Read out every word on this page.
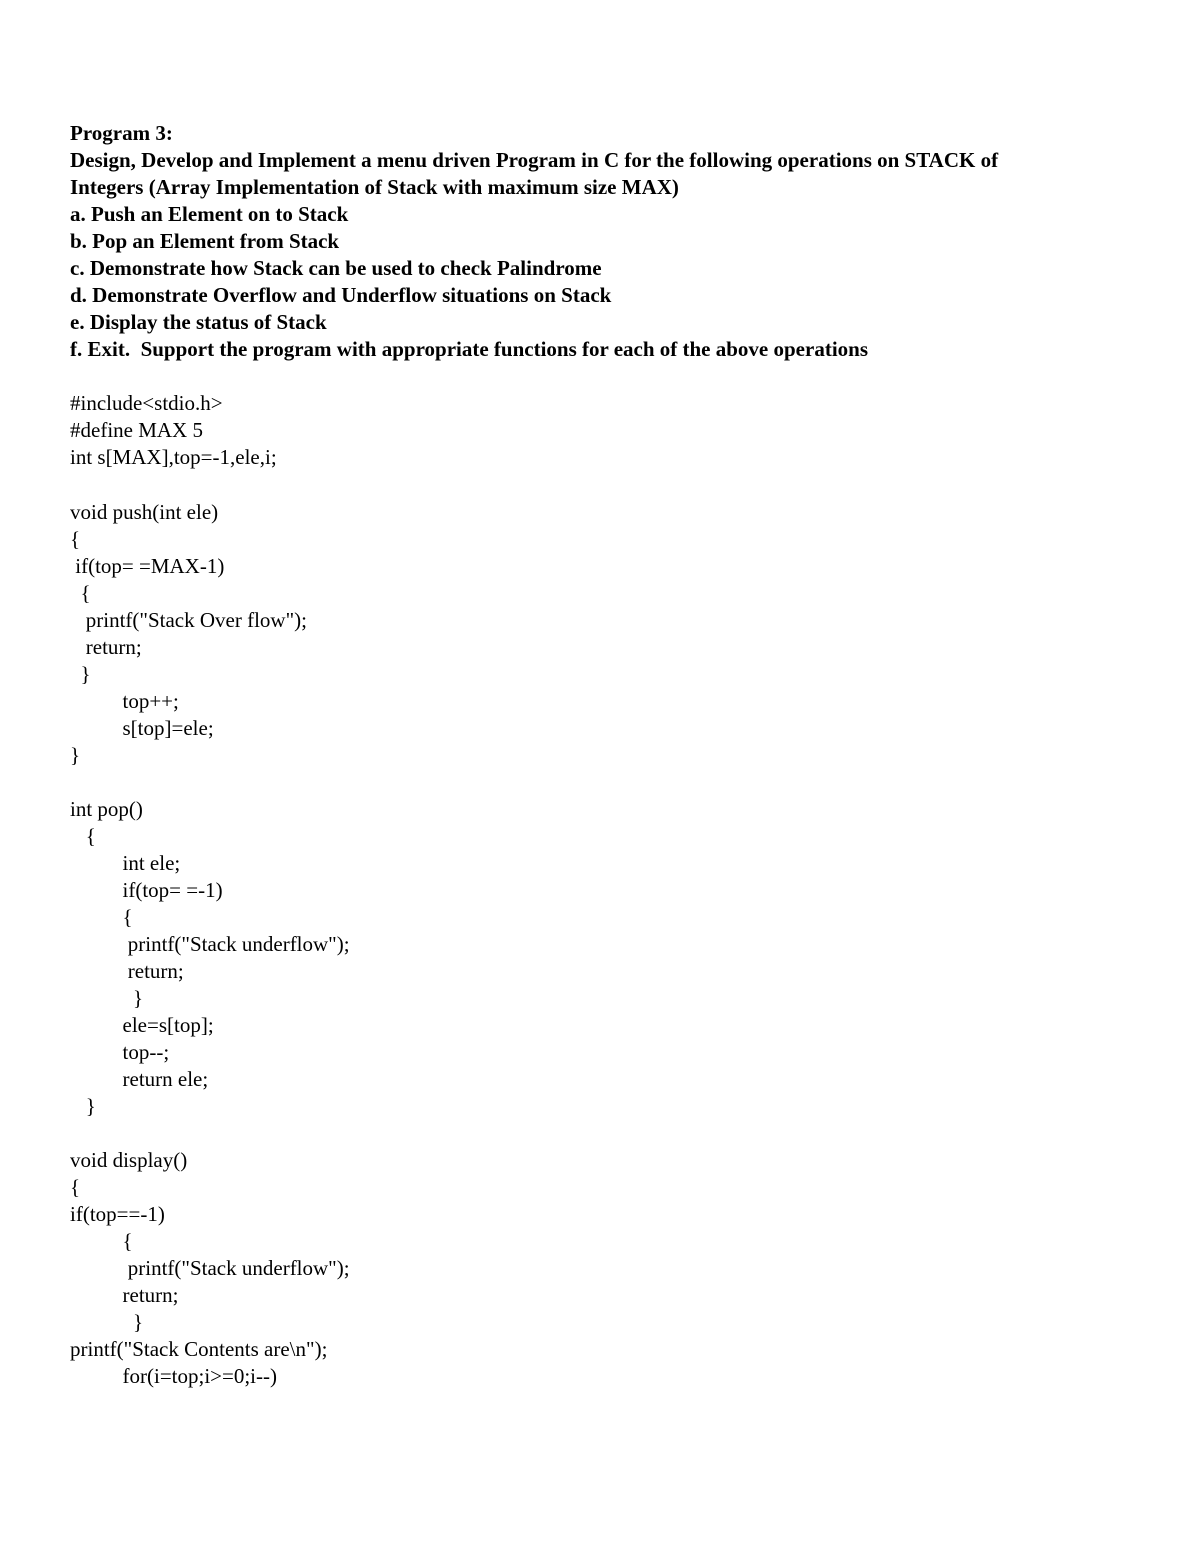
Program 3:
Design, Develop and Implement a menu driven Program in C for the following operations on STACK of
Integers (Array Implementation of Stack with maximum size MAX)
a. Push an Element on to Stack
b. Pop an Element from Stack
c. Demonstrate how Stack can be used to check Palindrome
d. Demonstrate Overflow and Underflow situations on Stack
e. Display the status of Stack
f. Exit.  Support the program with appropriate functions for each of the above operations
#include<stdio.h>
#define MAX 5
int s[MAX],top=-1,ele,i;
void push(int ele)
{
if(top= =MAX-1)
{
printf("Stack Over flow");
return;
}
top++;
s[top]=ele;
}
int pop()
{
int ele;
if(top= =-1)
{
printf("Stack underflow");
return;
}
ele=s[top];
top--;
return ele;
}
void display()
{
if(top==-1)
{
printf("Stack underflow");
return;
}
printf("Stack Contents are\n");
for(i=top;i>=0;i--)
